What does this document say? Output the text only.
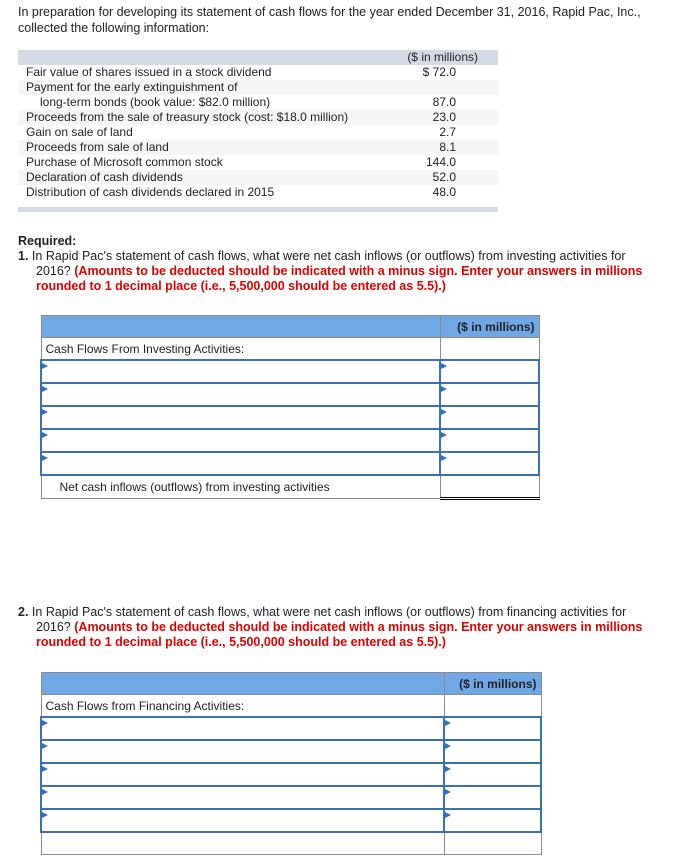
In preparation for developing its statement of cash flows for the year ended December 31, 2016, Rapid Pac, Inc., collected the following information:
($ in millions)
Fair value of shares issued in a stock dividend	$ 72.0
Payment for the early extinguishment of
long-term bonds (book value: $82.0 million)	87.0
Proceeds from the sale of treasury stock (cost: $18.0 million)	23.0
Gain on sale of land	2.7
Proceeds from sale of land	8.1
Purchase of Microsoft common stock	144.0
Declaration of cash dividends	52.0
Distribution of cash dividends declared in 2015	48.0
Required:
1. In Rapid Pac's statement of cash flows, what were net cash inflows (or outflows) from investing activities for 2016? (Amounts to be deducted should be indicated with a minus sign. Enter your answers in millions rounded to 1 decimal place (i.e., 5,500,000 should be entered as 5.5).)
	($ in millions)
Cash Flows From Investing Activities:	

Net cash inflows (outflows) from investing activities	
2. In Rapid Pac's statement of cash flows, what were net cash inflows (or outflows) from financing activities for 2016? (Amounts to be deducted should be indicated with a minus sign. Enter your answers in millions rounded to 1 decimal place (i.e., 5,500,000 should be entered as 5.5).)
	($ in millions)
Cash Flows from Financing Activities:	
